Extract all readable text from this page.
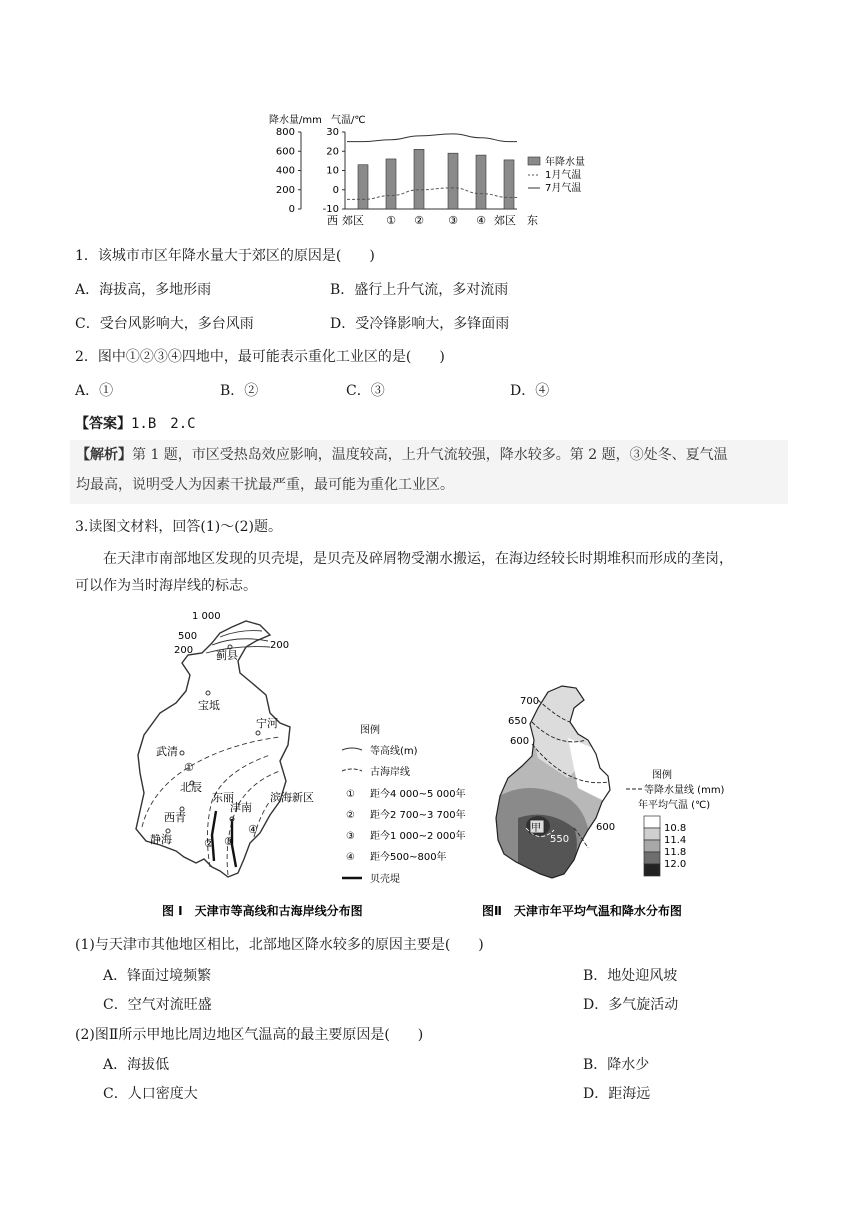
降水量/mm 气温/℃
800
600
400
200
0
30
20
10
0
-10
西 郊区 ① ② ③ ④ 郊区 东
年降水量
1月气温
7月气温
1．该城市市区年降水量大于郊区的原因是(　　)
A．海拔高，多地形雨	B．盛行上升气流，多对流雨
C．受台风影响大，多台风雨	D．受冷锋影响大，多锋面雨
2．图中①②③④四地中，最可能表示重化工业区的是(　　)
A．①	B．②	C．③	D．④
【答案】1.B　2.C
【解析】第 1 题，市区受热岛效应影响，温度较高，上升气流较强，降水较多。第 2 题，③处冬、夏气温
均最高，说明受人为因素干扰最严重，最可能为重化工业区。
3.读图文材料，回答(1)～(2)题。
在天津市南部地区发现的贝壳堤，是贝壳及碎屑物受潮水搬运，在海边经较长时期堆积而形成的垄岗，
可以作为当时海岸线的标志。
1 000
500
200	200
蓟县
宝坻
武清
宁河
北辰
东丽
津南
西青
滨海新区
静海
①
② ③
④
图例
等高线(m)
古海岸线
① 距今4 000~5 000年
② 距今2 700~3 700年
③ 距今1 000~2 000年
④ 距今500~800年
贝壳堤
图 Ⅰ　天津市等高线和古海岸线分布图
700
650
600
550
600
甲
图例
等降水量线 (mm)
年平均气温 (℃)
10.8
11.4
11.8
12.0
图Ⅱ　天津市年平均气温和降水分布图
(1)与天津市其他地区相比，北部地区降水较多的原因主要是(　　)
A．锋面过境频繁	B．地处迎风坡
C．空气对流旺盛	D．多气旋活动
(2)图Ⅱ所示甲地比周边地区气温高的最主要原因是(　　)
A．海拔低	B．降水少
C．人口密度大	D．距海远
